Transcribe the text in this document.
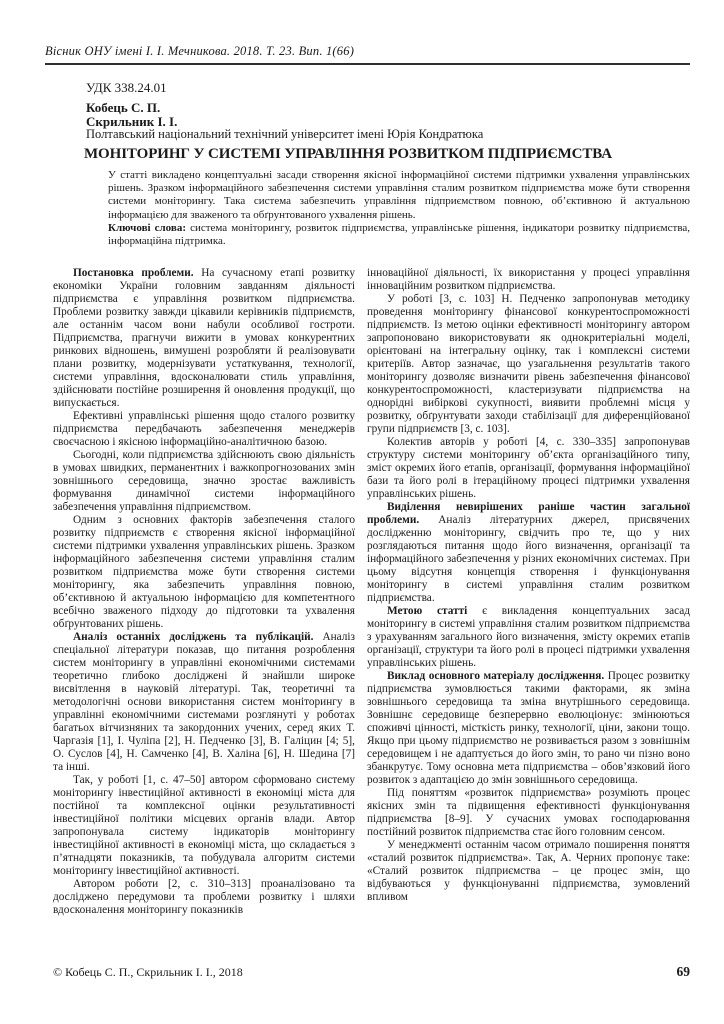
Вісник ОНУ імені І. І. Мечникова. 2018. Т. 23. Вип. 1(66)
УДК 338.24.01
Кобець С. П.
Скрильник І. І.
Полтавський національний технічний університет імені Юрія Кондратюка
МОНІТОРИНГ У СИСТЕМІ УПРАВЛІННЯ РОЗВИТКОМ ПІДПРИЄМСТВА

У статті викладено концептуальні засади створення якісної інформаційної системи підтримки ухвалення управлінських рішень. Зразком інформаційного забезпечення системи управління сталим розвитком підприємства може бути створення системи моніторингу. Така система забезпечить управління підприємством повною, об’єктивною й актуальною інформацією для зваженого та обґрунтованого ухвалення рішень.

Ключові слова: система моніторингу, розвиток підприємства, управлінське рішення, індикатори розвитку підприємства, інформаційна підтримка.

Постановка проблеми. На сучасному етапі розвитку економіки України головним завданням діяльності підприємства є управління розвитком підприємства. Проблеми розвитку завжди цікавили керівників підприємств, але останнім часом вони набули особливої гостроти. Підприємства, прагнучи вижити в умовах конкурентних ринкових відношень, вимушені розробляти й реалізовувати плани розвитку, модернізувати устаткування, технології, системи управління, вдосконалювати стиль управління, здійснювати постійне розширення й оновлення продукції, що випускається.

Ефективні управлінські рішення щодо сталого розвитку підприємства передбачають забезпечення менеджерів своєчасною і якісною інформаційно-аналітичною базою.

Сьогодні, коли підприємства здійснюють свою діяльність в умовах швидких, перманентних і важкопрогнозованих змін зовнішнього середовища, значно зростає важливість формування динамічної системи інформаційного забезпечення управління підприємством.

Одним з основних факторів забезпечення сталого розвитку підприємств є створення якісної інформаційної системи підтримки ухвалення управлінських рішень. Зразком інформаційного забезпечення системи управління сталим розвитком підприємства може бути створення системи моніторингу, яка забезпечить управління повною, об’єктивною й актуальною інформацією для компетентного всебічно зваженого підходу до підготовки та ухвалення обґрунтованих рішень.

Аналіз останніх досліджень та публікацій. Аналіз спеціальної літератури показав, що питання розроблення систем моніторингу в управлінні економічними системами теоретично глибоко досліджені й знайшли широке висвітлення в науковій літературі. Так, теоретичні та методологічні основи використання систем моніторингу в управлінні економічними системами розглянуті у роботах багатьох вітчизняних та закордонних учених, серед яких Т. Чаргазія [1], І. Чуліпа [2], Н. Педченко [3], В. Галіцин [4; 5], О. Суслов [4], Н. Самченко [4], В. Халіна [6], Н. Шедина [7] та інші.

Так, у роботі [1, с. 47–50] автором сформовано систему моніторингу інвестиційної активності в економіці міста для постійної та комплексної оцінки результативності інвестиційної політики місцевих органів влади. Автор запропонувала систему індикаторів моніторингу інвестиційної активності в економіці міста, що складається з п’ятнадцяти показників, та побудувала алгоритм системи моніторингу інвестиційної активності.

Автором роботи [2, с. 310–313] проаналізовано та досліджено передумови та проблеми розвитку і шляхи вдосконалення моніторингу показників

інноваційної діяльності, їх використання у процесі управління інноваційним розвитком підприємства.

У роботі [3, с. 103] Н. Педченко запропонував методику проведення моніторингу фінансової конкурентоспроможності підприємств. Із метою оцінки ефективності моніторингу автором запропоновано використовувати як однокритеріальні моделі, орієнтовані на інтегральну оцінку, так і комплексні системи критеріїв. Автор зазначає, що узагальнення результатів такого моніторингу дозволяє визначити рівень забезпечення фінансової конкурентоспроможності, кластеризувати підприємства на однорідні вибіркові сукупності, виявити проблемні місця у розвитку, обґрунтувати заходи стабілізації для диференційованої групи підприємств [3, с. 103].

Колектив авторів у роботі [4, с. 330–335] запропонував структуру системи моніторингу об’єкта організаційного типу, зміст окремих його етапів, організації, формування інформаційної бази та його ролі в ітераційному процесі підтримки ухвалення управлінських рішень.

Виділення невирішених раніше частин загальної проблеми. Аналіз літературних джерел, присвячених дослідженню моніторингу, свідчить про те, що у них розглядаються питання щодо його визначення, організації та інформаційного забезпечення у різних економічних системах. При цьому відсутня концепція створення і функціонування моніторингу в системі управління сталим розвитком підприємства.

Метою статті є викладення концептуальних засад моніторингу в системі управління сталим розвитком підприємства з урахуванням загального його визначення, змісту окремих етапів організації, структури та його ролі в процесі підтримки ухвалення управлінських рішень.

Виклад основного матеріалу дослідження. Процес розвитку підприємства зумовлюється такими факторами, як зміна зовнішнього середовища та зміна внутрішнього середовища. Зовнішнє середовище безперервно еволюціонує: змінюються споживчі цінності, місткість ринку, технології, ціни, закони тощо. Якщо при цьому підприємство не розвивається разом з зовнішнім середовищем і не адаптується до його змін, то рано чи пізно воно збанкрутує. Тому основна мета підприємства – обов’язковий його розвиток з адаптацією до змін зовнішнього середовища.

Під поняттям «розвиток підприємства» розуміють процес якісних змін та підвищення ефективності функціонування підприємства [8–9]. У сучасних умовах господарювання постійний розвиток підприємства стає його головним сенсом.

У менеджменті останнім часом отримало поширення поняття «сталий розвиток підприємства». Так, А. Черних пропонує таке: «Сталий розвиток підприємства – це процес змін, що відбуваються у функціонуванні підприємства, зумовлений впливом

© Кобець С. П., Скрильник І. І., 2018	69
